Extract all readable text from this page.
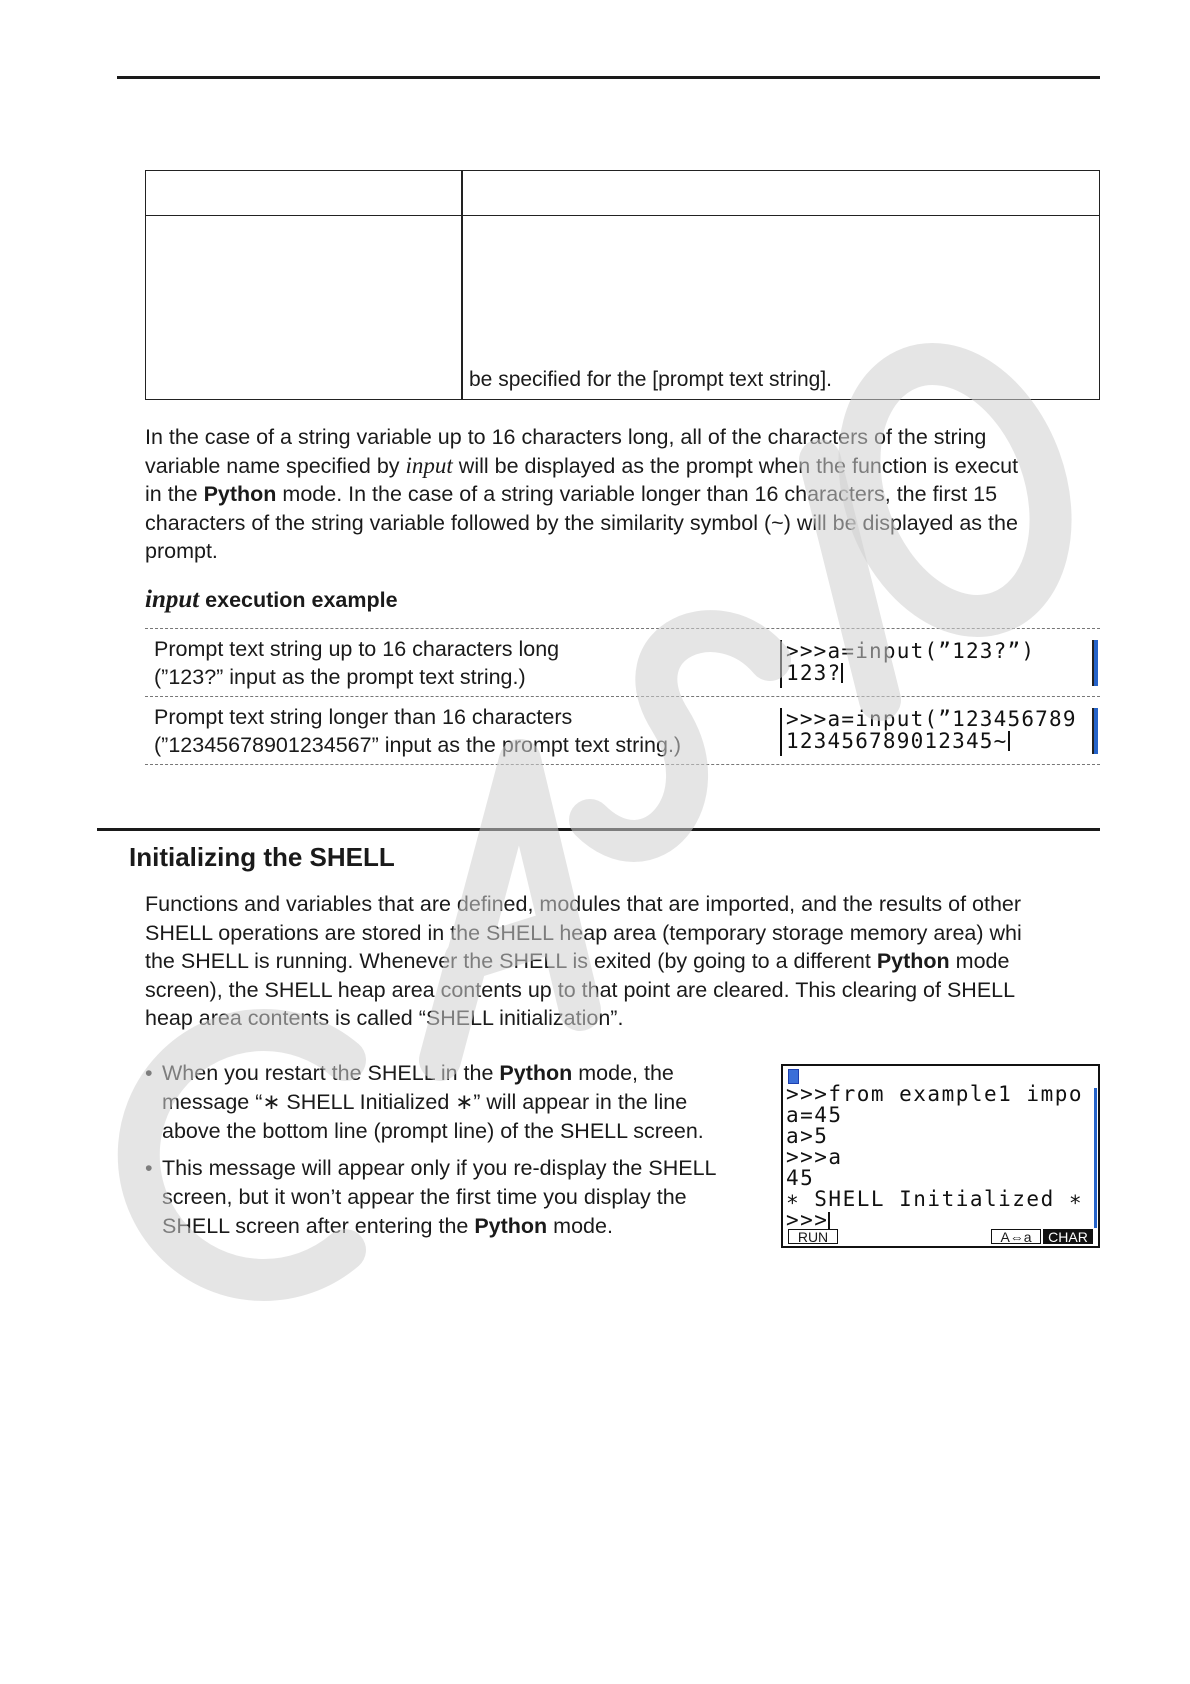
be specified for the [prompt text string].
In the case of a string variable up to 16 characters long, all of the characters of the string
variable name specified by input will be displayed as the prompt when the function is execut
in the Python mode. In the case of a string variable longer than 16 characters, the first 15
characters of the string variable followed by the similarity symbol (~) will be displayed as the
prompt.
input execution example
Prompt text string up to 16 characters long
(”123?” input as the prompt text string.)
>>>a=input(”123?”)
123?
Prompt text string longer than 16 characters
(”12345678901234567” input as the prompt text string.)
>>>a=input(”123456789
123456789012345~
Initializing the SHELL
Functions and variables that are defined, modules that are imported, and the results of other
SHELL operations are stored in the SHELL heap area (temporary storage memory area) whi
the SHELL is running. Whenever the SHELL is exited (by going to a different Python mode
screen), the SHELL heap area contents up to that point are cleared. This clearing of SHELL
heap area contents is called “SHELL initialization”.
• When you restart the SHELL in the Python mode, the
message “∗ SHELL Initialized ∗” will appear in the line
above the bottom line (prompt line) of the SHELL screen.
• This message will appear only if you re-display the SHELL
screen, but it won’t appear the first time you display the
SHELL screen after entering the Python mode.
>>>from example1 impo
a=45
a>5
>>>a
45
∗ SHELL Initialized ∗
>>>
RUN	A⇔a	CHAR
